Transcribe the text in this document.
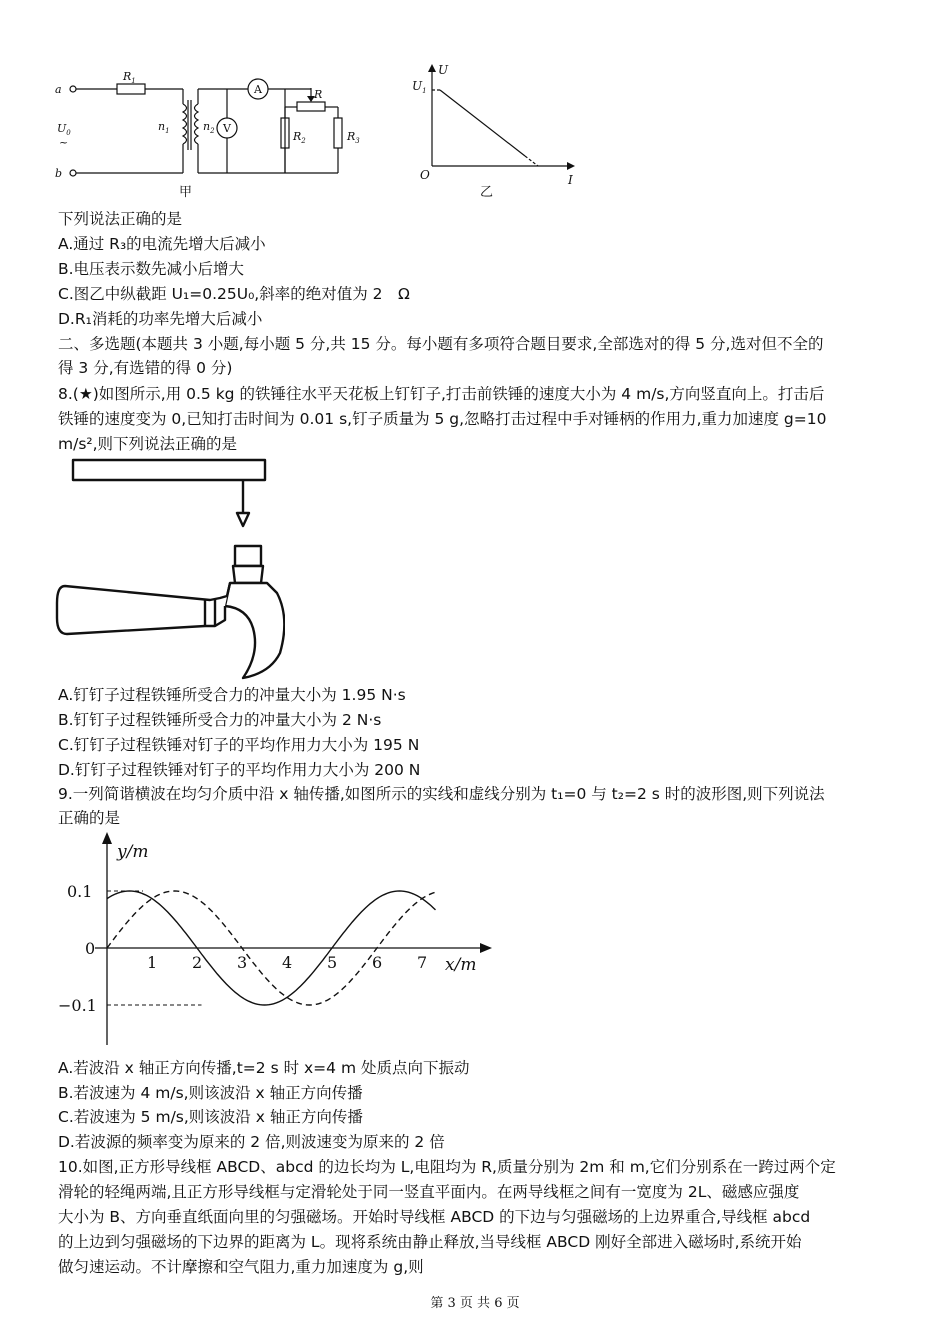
a
b
$U_0$
~
$R_1$
$n_1$	$n_2$
A
V
R
$R_2$	$R_3$
甲
U
I
O
$U_1$
乙
下列说法正确的是
A.通过 R₃的电流先增大后减小
B.电压表示数先减小后增大
C.图乙中纵截距 U₁=0.25U₀,斜率的绝对值为 2　Ω
D.R₁消耗的功率先增大后减小
二、多选题(本题共 3 小题,每小题 5 分,共 15 分。每小题有多项符合题目要求,全部选对的得 5 分,选对但不全的
得 3 分,有选错的得 0 分)
8.(★)如图所示,用 0.5 kg 的铁锤往水平天花板上钉钉子,打击前铁锤的速度大小为 4 m/s,方向竖直向上。打击后
铁锤的速度变为 0,已知打击时间为 0.01 s,钉子质量为 5 g,忽略打击过程中手对锤柄的作用力,重力加速度 g=10
m/s²,则下列说法正确的是
A.钉钉子过程铁锤所受合力的冲量大小为 1.95 N·s
B.钉钉子过程铁锤所受合力的冲量大小为 2 N·s
C.钉钉子过程铁锤对钉子的平均作用力大小为 195 N
D.钉钉子过程铁锤对钉子的平均作用力大小为 200 N
9.一列简谐横波在均匀介质中沿 x 轴传播,如图所示的实线和虚线分别为 t₁=0 与 t₂=2 s 时的波形图,则下列说法
正确的是
y/m
x/m
1 2 3 4 5 6 7
0.1
0
−0.1
A.若波沿 x 轴正方向传播,t=2 s 时 x=4 m 处质点向下振动
B.若波速为 4 m/s,则该波沿 x 轴正方向传播
C.若波速为 5 m/s,则该波沿 x 轴正方向传播
D.若波源的频率变为原来的 2 倍,则波速变为原来的 2 倍
10.如图,正方形导线框 ABCD、abcd 的边长均为 L,电阻均为 R,质量分别为 2m 和 m,它们分别系在一跨过两个定
滑轮的轻绳两端,且正方形导线框与定滑轮处于同一竖直平面内。在两导线框之间有一宽度为 2L、磁感应强度
大小为 B、方向垂直纸面向里的匀强磁场。开始时导线框 ABCD 的下边与匀强磁场的上边界重合,导线框 abcd
的上边到匀强磁场的下边界的距离为 L。现将系统由静止释放,当导线框 ABCD 刚好全部进入磁场时,系统开始
做匀速运动。不计摩擦和空气阻力,重力加速度为 g,则
第 3 页 共 6 页
